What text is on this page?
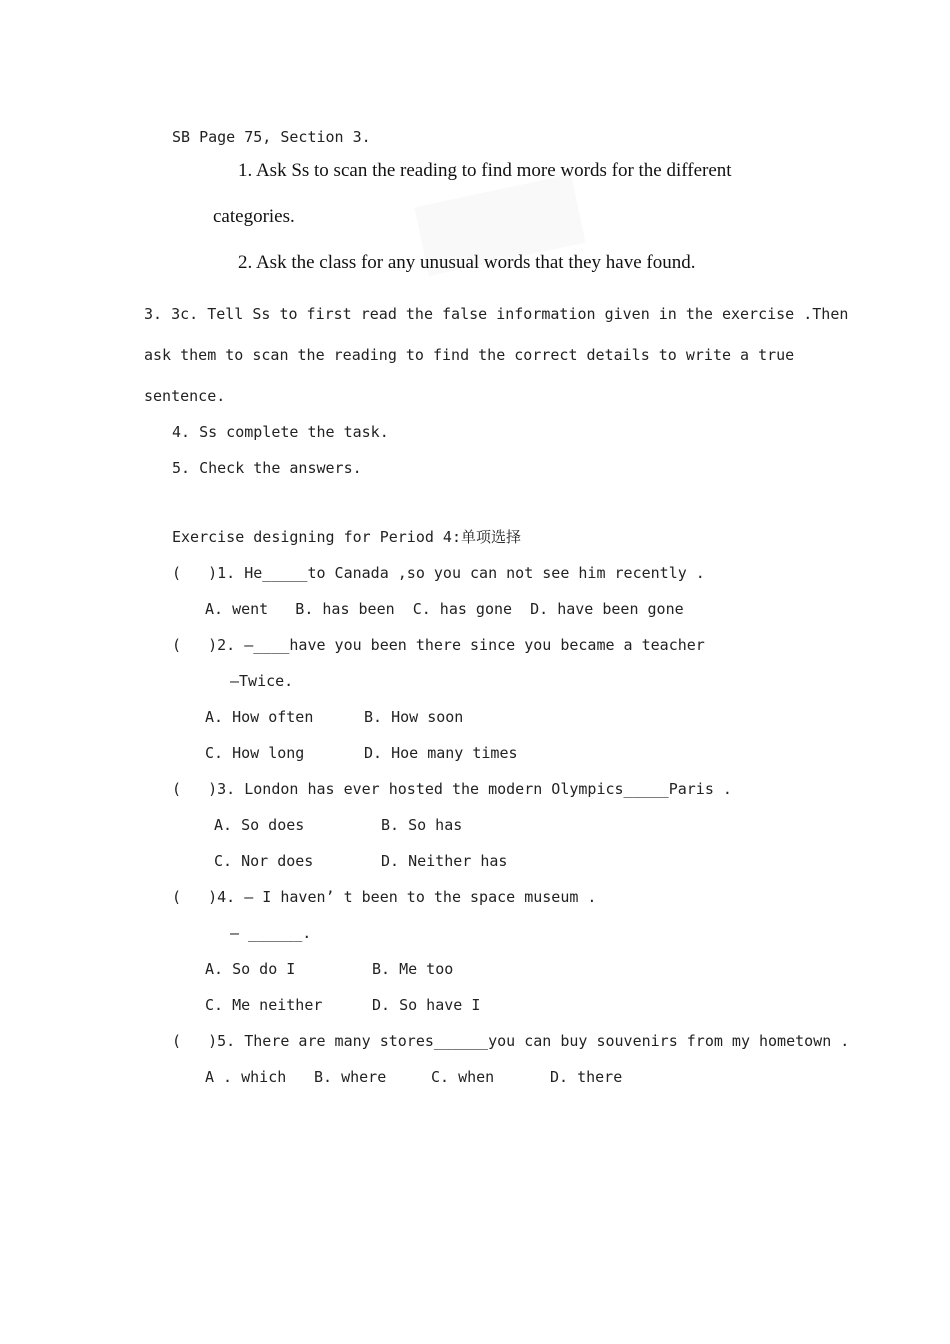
SB Page 75, Section 3.
1. Ask Ss to scan the reading to find more words for the different
categories.
2. Ask the class for any unusual words that they have found.
3. 3c. Tell Ss to first read the false information given in the exercise .Then
ask them to scan the reading to find the correct details to write a true
sentence.
4. Ss complete the task.
5. Check the answers.
Exercise designing for Period 4:单项选择
(   )1. He_____to Canada ,so you can not see him recently .
A. went   B. has been  C. has gone  D. have been gone
(   )2. —____have you been there since you became a teacher
—Twice.
A. How often	B. How soon
C. How long	D. Hoe many times
(   )3. London has ever hosted the modern Olympics_____Paris .
A. So does	B. So has
C. Nor does	D. Neither has
(   )4. — I haven’ t been to the space museum .
— ______.
A. So do I	B. Me too
C. Me neither	D. So have I
(   )5. There are many stores______you can buy souvenirs from my hometown .
A . which B. where	C. when	D. there
